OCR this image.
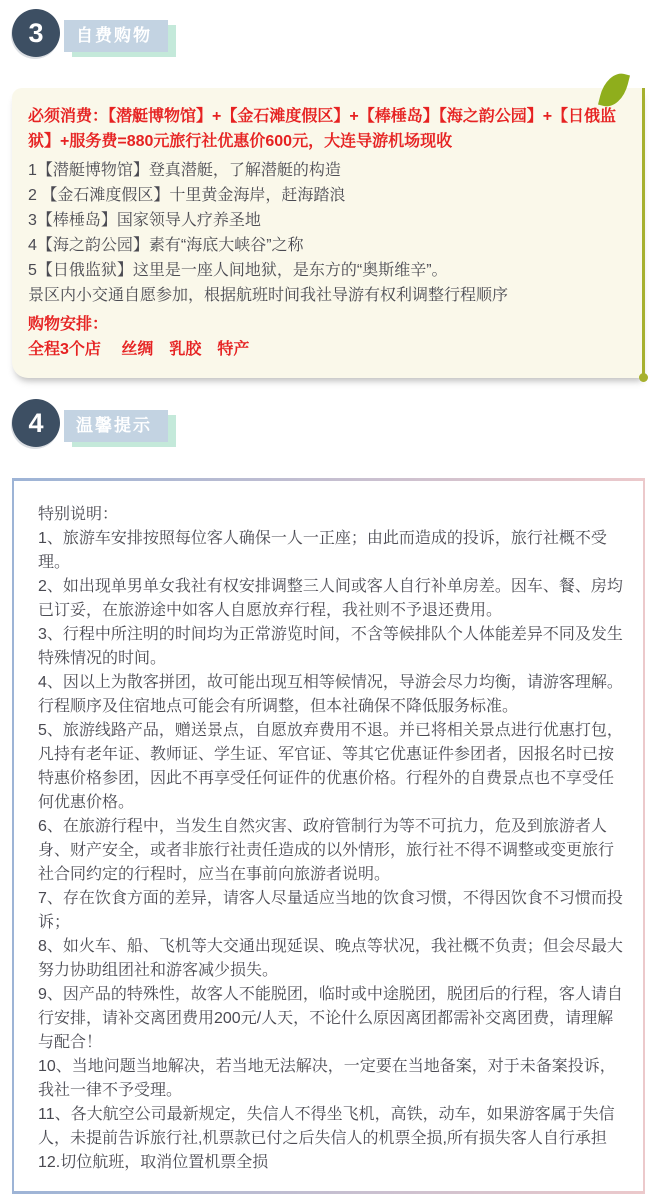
3	自费购物

必须消费：【潜艇博物馆】+【金石滩度假区】+【棒棰岛】【海之韵公园】+【日俄监狱】+服务费=880元旅行社优惠价600元，大连导游机场现收

1【潜艇博物馆】登真潜艇，了解潜艇的构造

2 【金石滩度假区】十里黄金海岸，赶海踏浪

3【棒棰岛】国家领导人疗养圣地

4【海之韵公园】素有“海底大峡谷”之称

5【日俄监狱】这里是一座人间地狱，是东方的“奥斯维辛”。

景区内小交通自愿参加，根据航班时间我社导游有权利调整行程顺序

购物安排：

全程3个店　 丝绸　乳胶　特产

4	温馨提示

特别说明：

1、旅游车安排按照每位客人确保一人一正座；由此而造成的投诉，旅行社概不受理。

2、如出现单男单女我社有权安排调整三人间或客人自行补单房差。因车、餐、房均已订妥，在旅游途中如客人自愿放弃行程，我社则不予退还费用。

3、行程中所注明的时间均为正常游览时间，不含等候排队个人体能差异不同及发生特殊情况的时间。

4、因以上为散客拼团，故可能出现互相等候情况，导游会尽力均衡，请游客理解。行程顺序及住宿地点可能会有所调整，但本社确保不降低服务标准。

5、旅游线路产品，赠送景点，自愿放弃费用不退。并已将相关景点进行优惠打包，凡持有老年证、教师证、学生证、军官证、等其它优惠证件参团者，因报名时已按特惠价格参团，因此不再享受任何证件的优惠价格。行程外的自费景点也不享受任何优惠价格。

6、在旅游行程中，当发生自然灾害、政府管制行为等不可抗力，危及到旅游者人身、财产安全，或者非旅行社责任造成的以外情形，旅行社不得不调整或变更旅行社合同约定的行程时，应当在事前向旅游者说明。

7、存在饮食方面的差异，请客人尽量适应当地的饮食习惯，不得因饮食不习惯而投诉；

8、如火车、船、飞机等大交通出现延误、晚点等状况，我社概不负责；但会尽最大努力协助组团社和游客减少损失。

9、因产品的特殊性，故客人不能脱团，临时或中途脱团，脱团后的行程，客人请自行安排，请补交离团费用200元/人天，不论什么原因离团都需补交离团费，请理解与配合！

10、当地问题当地解决，若当地无法解决，一定要在当地备案，对于未备案投诉，我社一律不予受理。

11、各大航空公司最新规定，失信人不得坐飞机，高铁，动车，如果游客属于失信人，未提前告诉旅行社,机票款已付之后失信人的机票全损,所有损失客人自行承担

12.切位航班，取消位置机票全损
